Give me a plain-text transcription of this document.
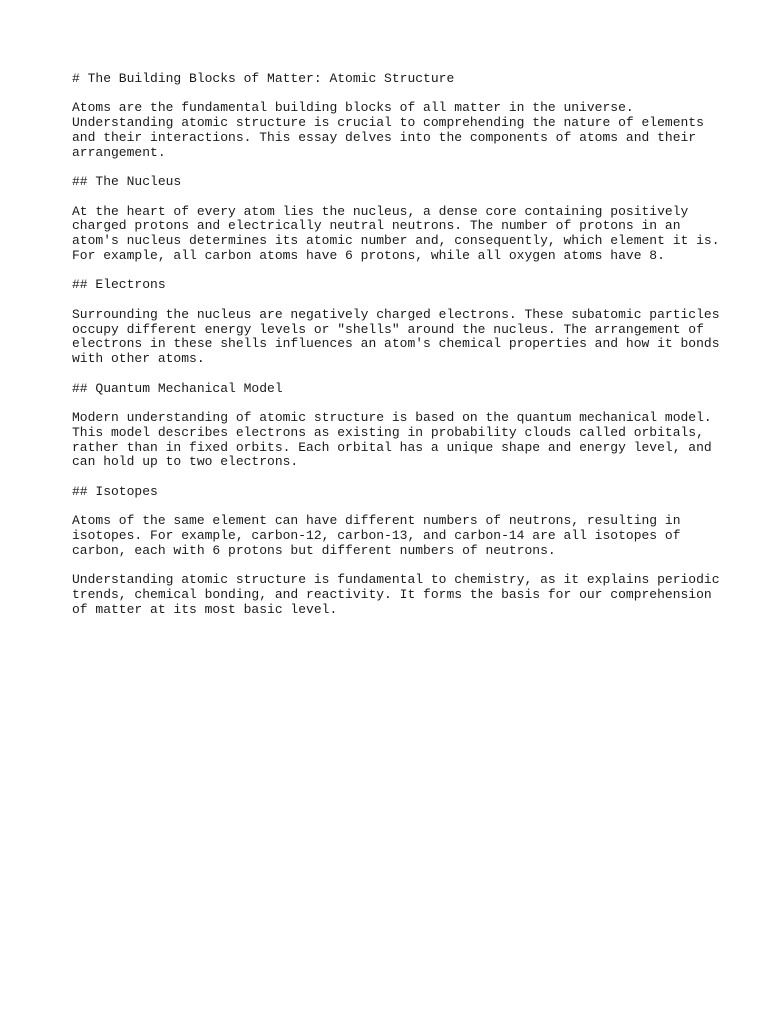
# The Building Blocks of Matter: Atomic Structure
Atoms are the fundamental building blocks of all matter in the universe.
Understanding atomic structure is crucial to comprehending the nature of elements
and their interactions. This essay delves into the components of atoms and their
arrangement.
## The Nucleus
At the heart of every atom lies the nucleus, a dense core containing positively
charged protons and electrically neutral neutrons. The number of protons in an
atom's nucleus determines its atomic number and, consequently, which element it is.
For example, all carbon atoms have 6 protons, while all oxygen atoms have 8.
## Electrons
Surrounding the nucleus are negatively charged electrons. These subatomic particles
occupy different energy levels or "shells" around the nucleus. The arrangement of
electrons in these shells influences an atom's chemical properties and how it bonds
with other atoms.
## Quantum Mechanical Model
Modern understanding of atomic structure is based on the quantum mechanical model.
This model describes electrons as existing in probability clouds called orbitals,
rather than in fixed orbits. Each orbital has a unique shape and energy level, and
can hold up to two electrons.
## Isotopes
Atoms of the same element can have different numbers of neutrons, resulting in
isotopes. For example, carbon-12, carbon-13, and carbon-14 are all isotopes of
carbon, each with 6 protons but different numbers of neutrons.
Understanding atomic structure is fundamental to chemistry, as it explains periodic
trends, chemical bonding, and reactivity. It forms the basis for our comprehension
of matter at its most basic level.
